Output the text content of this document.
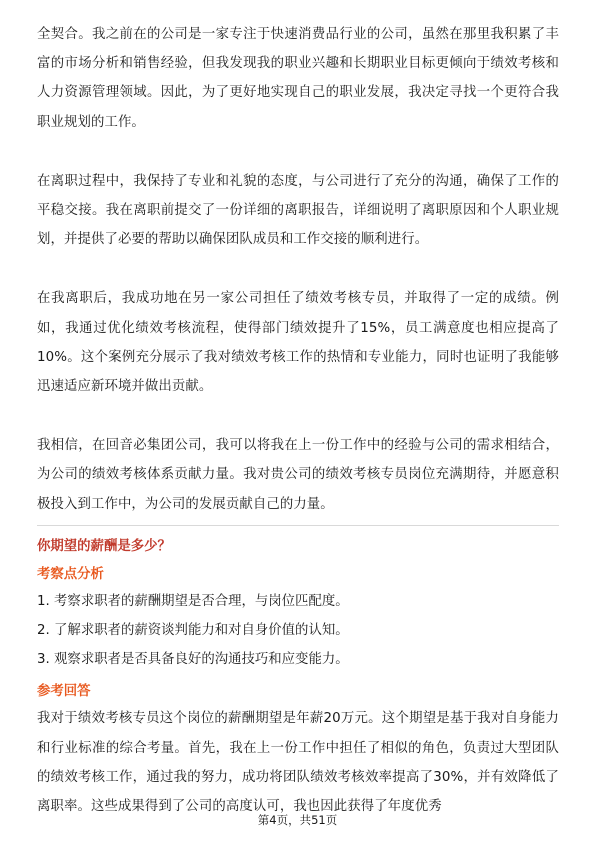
全契合。我之前在的公司是一家专注于快速消费品行业的公司，虽然在那里我积累了丰富的市场分析和销售经验，但我发现我的职业兴趣和长期职业目标更倾向于绩效考核和人力资源管理领域。因此，为了更好地实现自己的职业发展，我决定寻找一个更符合我职业规划的工作。

在离职过程中，我保持了专业和礼貌的态度，与公司进行了充分的沟通，确保了工作的平稳交接。我在离职前提交了一份详细的离职报告，详细说明了离职原因和个人职业规划，并提供了必要的帮助以确保团队成员和工作交接的顺利进行。

在我离职后，我成功地在另一家公司担任了绩效考核专员，并取得了一定的成绩。例如，我通过优化绩效考核流程，使得部门绩效提升了15%，员工满意度也相应提高了10%。这个案例充分展示了我对绩效考核工作的热情和专业能力，同时也证明了我能够迅速适应新环境并做出贡献。

我相信，在回音必集团公司，我可以将我在上一份工作中的经验与公司的需求相结合，为公司的绩效考核体系贡献力量。我对贵公司的绩效考核专员岗位充满期待，并愿意积极投入到工作中，为公司的发展贡献自己的力量。

你期望的薪酬是多少？

考察点分析

1. 考察求职者的薪酬期望是否合理，与岗位匹配度。

2. 了解求职者的薪资谈判能力和对自身价值的认知。

3. 观察求职者是否具备良好的沟通技巧和应变能力。

参考回答

我对于绩效考核专员这个岗位的薪酬期望是年薪20万元。这个期望是基于我对自身能力和行业标准的综合考量。首先，我在上一份工作中担任了相似的角色，负责过大型团队的绩效考核工作，通过我的努力，成功将团队绩效考核效率提高了30%，并有效降低了离职率。这些成果得到了公司的高度认可，我也因此获得了年度优秀

第4页，共51页
